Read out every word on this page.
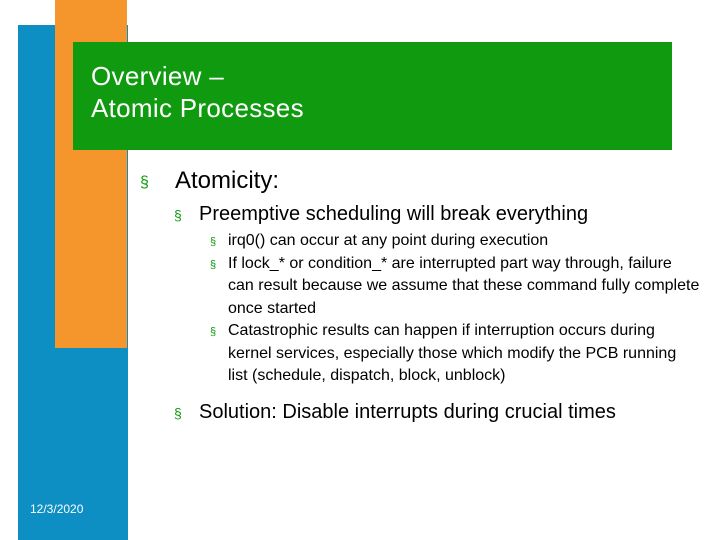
Overview –
Atomic Processes
§ Atomicity:
§ Preemptive scheduling will break everything
§ irq0() can occur at any point during execution
§ If lock_* or condition_* are interrupted part way through, failure can result because we assume that these command fully complete once started
§ Catastrophic results can happen if interruption occurs during kernel services, especially those which modify the PCB running list (schedule, dispatch, block, unblock)
§ Solution: Disable interrupts during crucial times
12/3/2020
